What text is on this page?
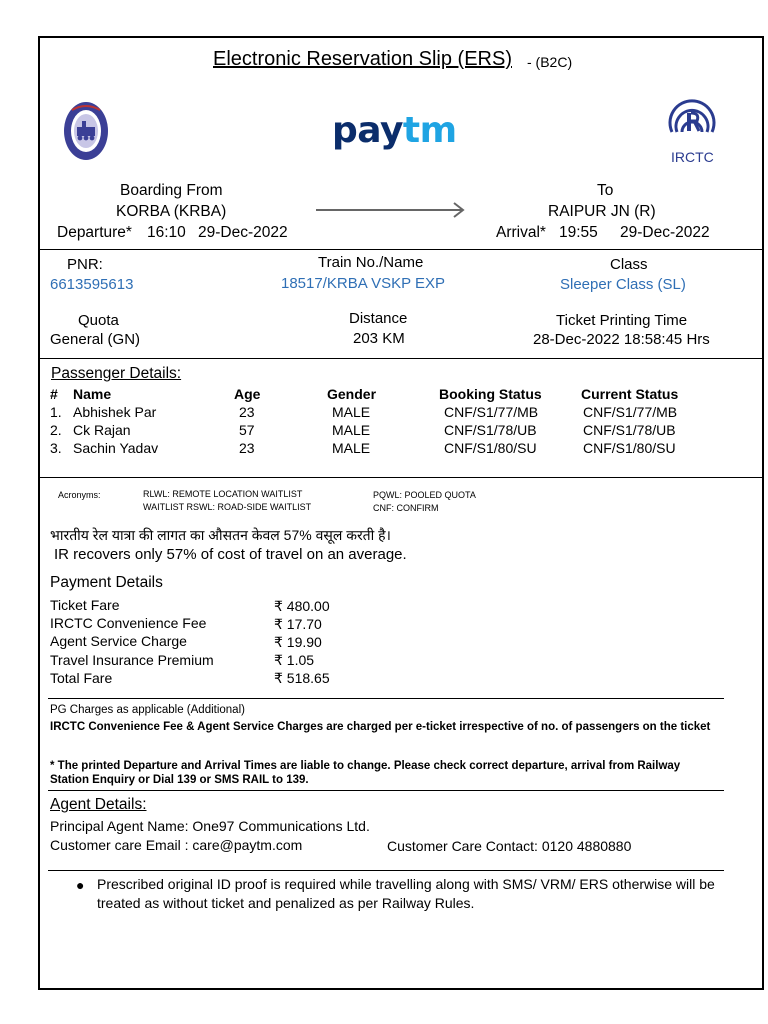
Electronic Reservation Slip (ERS) - (B2C)
paytm
IRCTC
Boarding From
KORBA (KRBA)
Departure* 16:10 29-Dec-2022
To
RAIPUR JN (R)
Arrival* 19:55 29-Dec-2022
PNR:
6613595613
Train No./Name
18517/KRBA VSKP EXP
Class
Sleeper Class (SL)
Quota
General (GN)
Distance
203 KM
Ticket Printing Time
28-Dec-2022 18:58:45 Hrs
Passenger Details:
# Name	Age	Gender	Booking Status	Current Status
1. Abhishek Par	23	MALE	CNF/S1/77/MB	CNF/S1/77/MB
2. Ck Rajan	57	MALE	CNF/S1/78/UB	CNF/S1/78/UB
3. Sachin Yadav	23	MALE	CNF/S1/80/SU	CNF/S1/80/SU
Acronyms:	RLWL: REMOTE LOCATION WAITLIST
WAITLIST RSWL: ROAD-SIDE WAITLIST
PQWL: POOLED QUOTA
CNF: CONFIRM
भारतीय रेल यात्रा की लागत का औसतन केवल 57% वसूल करती है।
IR recovers only 57% of cost of travel on an average.
Payment Details
Ticket Fare	₹ 480.00
IRCTC Convenience Fee	₹ 17.70
Agent Service Charge	₹ 19.90
Travel Insurance Premium	₹ 1.05
Total Fare	₹ 518.65
PG Charges as applicable (Additional)
IRCTC Convenience Fee & Agent Service Charges are charged per e-ticket irrespective of no. of passengers on the ticket
* The printed Departure and Arrival Times are liable to change. Please check correct departure, arrival from Railway Station Enquiry or Dial 139 or SMS RAIL to 139.
Agent Details:
Principal Agent Name: One97 Communications Ltd.
Customer care Email : care@paytm.com	Customer Care Contact: 0120 4880880
● Prescribed original ID proof is required while travelling along with SMS/ VRM/ ERS otherwise will be treated as without ticket and penalized as per Railway Rules.
